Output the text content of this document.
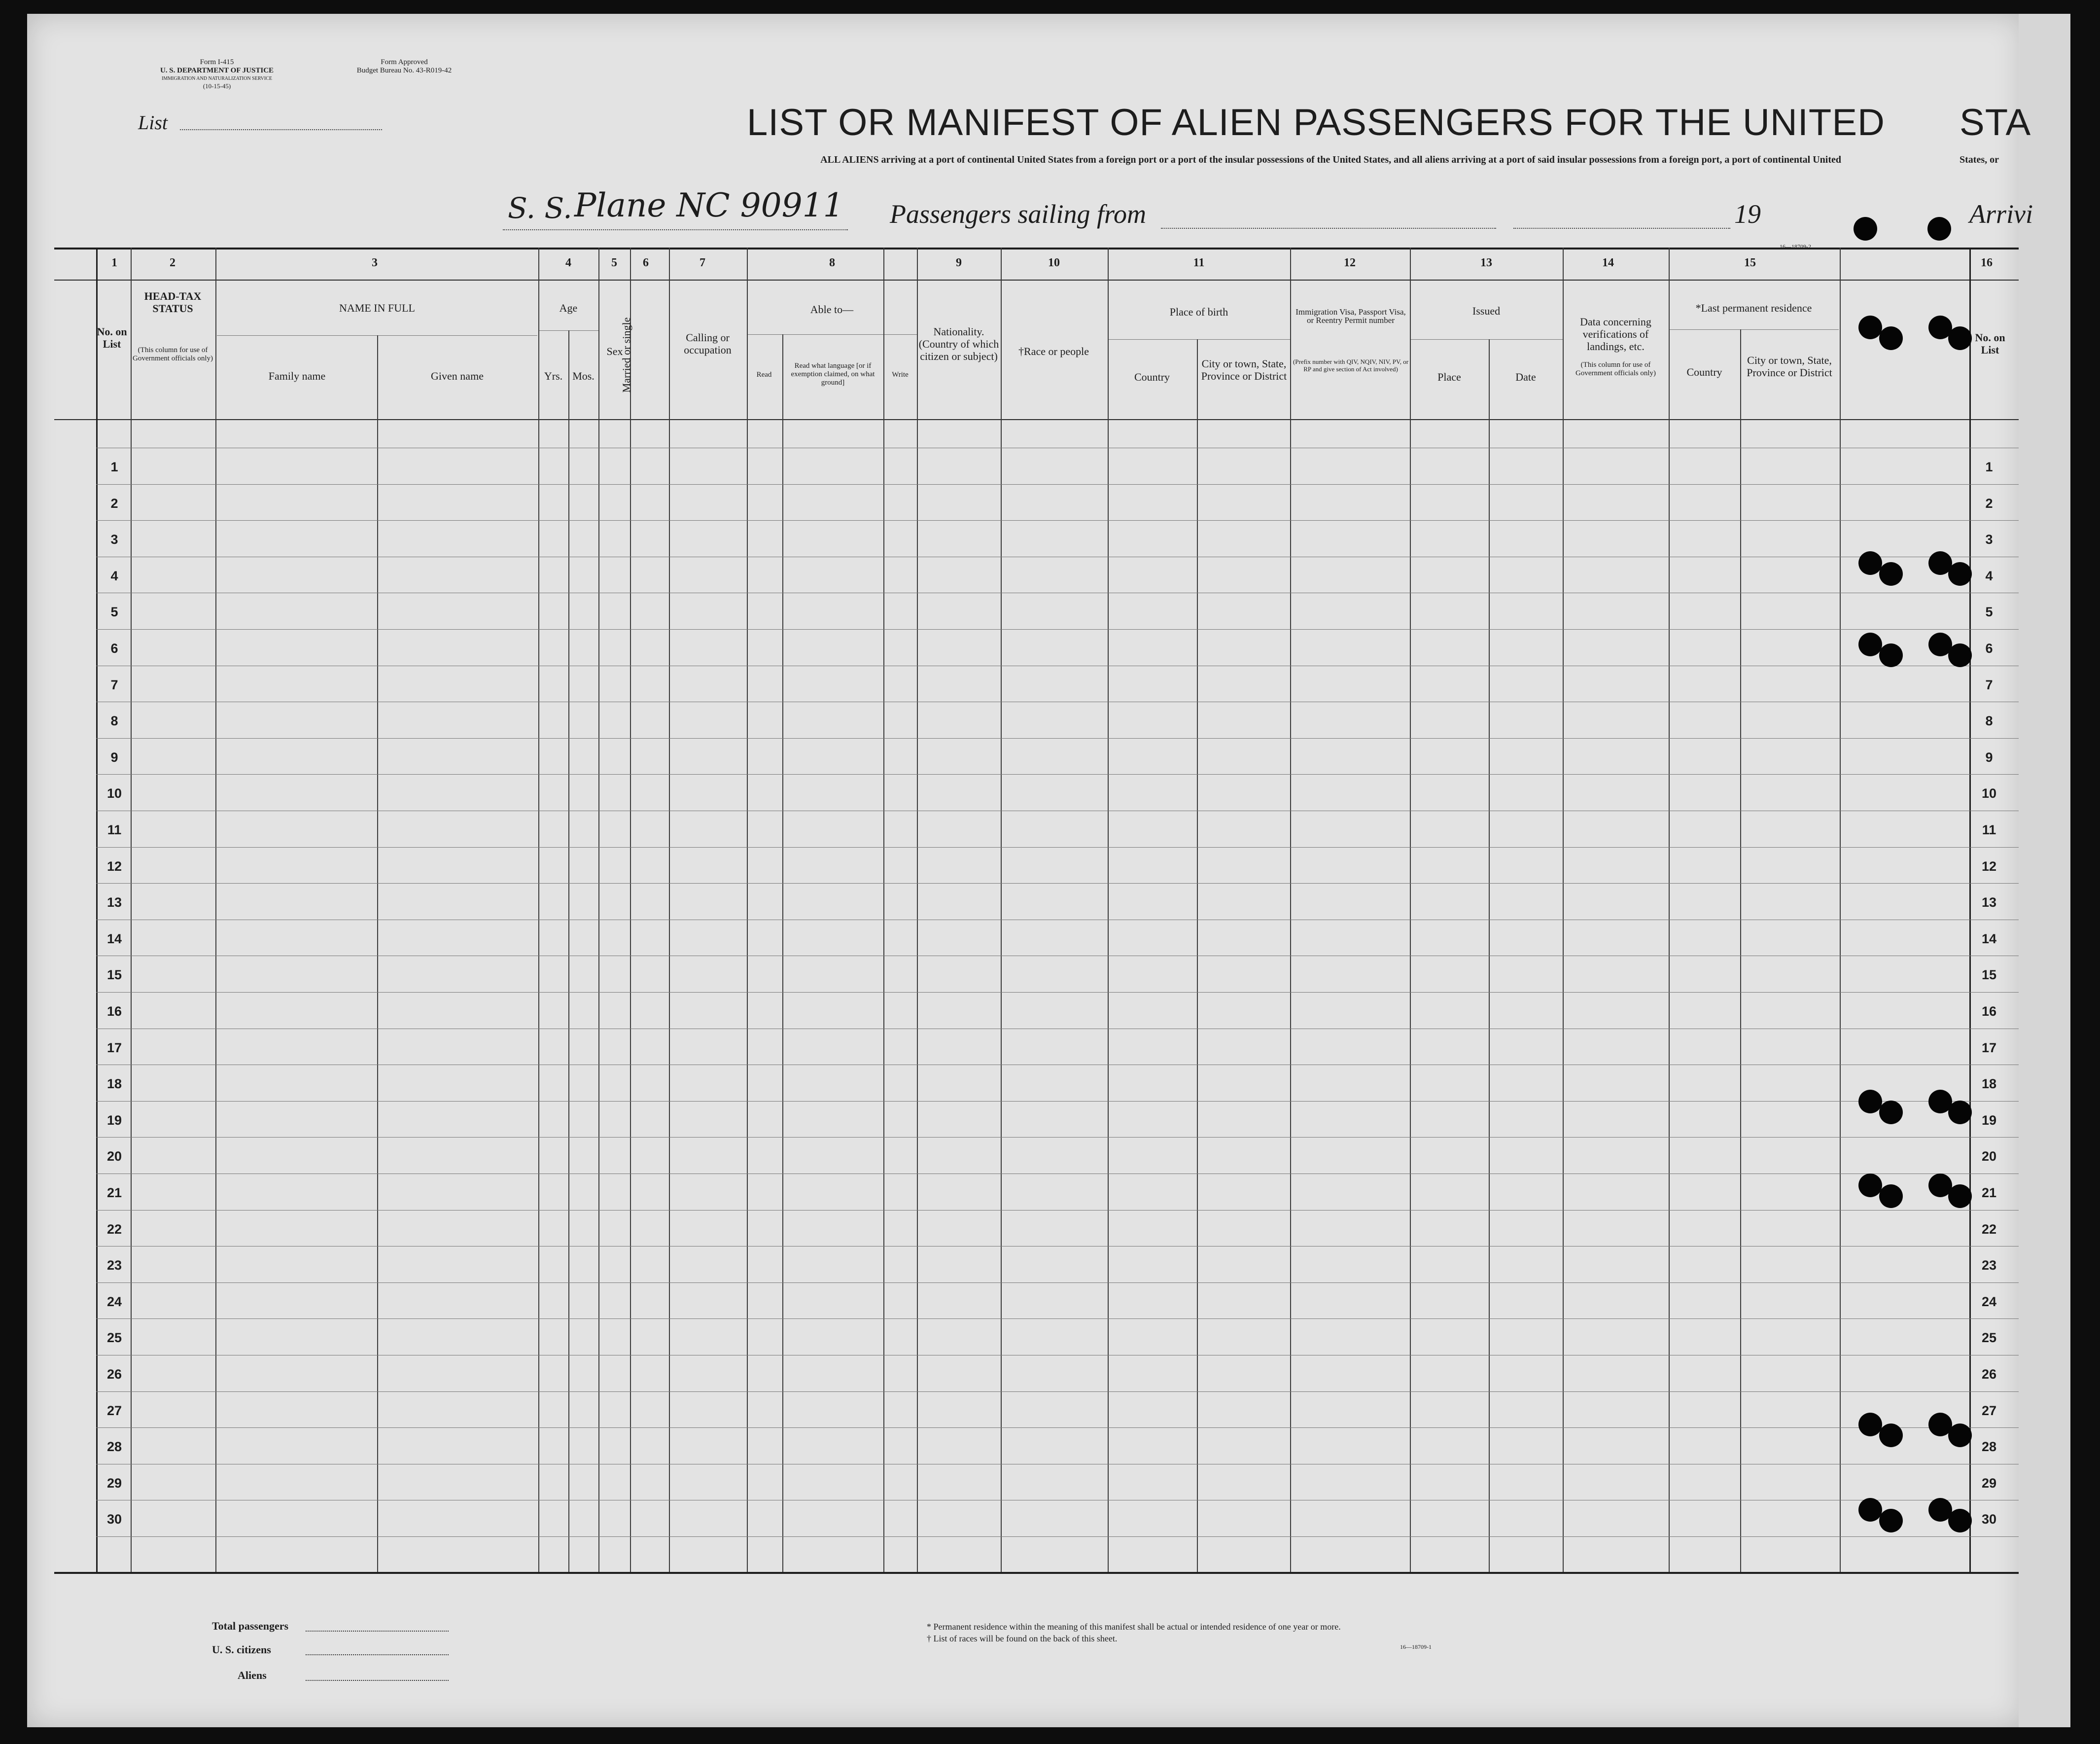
Form I-415
U. S. DEPARTMENT OF JUSTICE
IMMIGRATION AND NATURALIZATION SERVICE
(10-15-45)
Form Approved
Budget Bureau No. 43-R019-42
List	LIST OR MANIFEST OF ALIEN PASSENGERS FOR THE UNITED STA
ALL ALIENS arriving at a port of continental United States from a foreign port or a port of the insular possessions of the United States, and all aliens arriving at a port of said insular possessions from a foreign port, a port of continental United	States, or
S. S. Plane NC 90911 Passengers sailing from	19	Arrivi
1	2	3	4	5	6	7	8	9	10	11	12	13	14	15	16
No. on List
HEAD-TAX STATUS
(This column for use of Government officials only)
NAME IN FULL
Family name	Given name
Age
Yrs. Mos.
Sex
Married or single	Calling or occupation
Able to—
Read
Read what language [or if exemption claimed, on what ground]
Write
Nationality. (Country of which citizen or subject)	†Race or people
Place of birth
Country
City or town, State, Province or District
Immigration Visa, Passport Visa, or Reentry Permit number
(Prefix number with QIV, NQIV, NIV, PV, or RP and give section of Act involved)
Issued
Place	Date
Data concerning verifications of landings, etc.
(This column for use of Government officials only)
*Last permanent residence
Country
City or town, State, Province or District
No. on List
1	1
2	2
3	3
4	4
5	5
6	6
7	7
8	8
9	9
10	10
11	11
12	12
13	13
14	14
15	15
16	16
17	17
18	18
19	19
20	20
21	21
22	22
23	23
24	24
25	25
26	26
27	27
28	28
29	29
30	30
Total passengers
U. S. citizens
Aliens
* Permanent residence within the meaning of this manifest shall be actual or intended residence of one year or more.
† List of races will be found on the back of this sheet.
16—18709-1
16—18709-2
